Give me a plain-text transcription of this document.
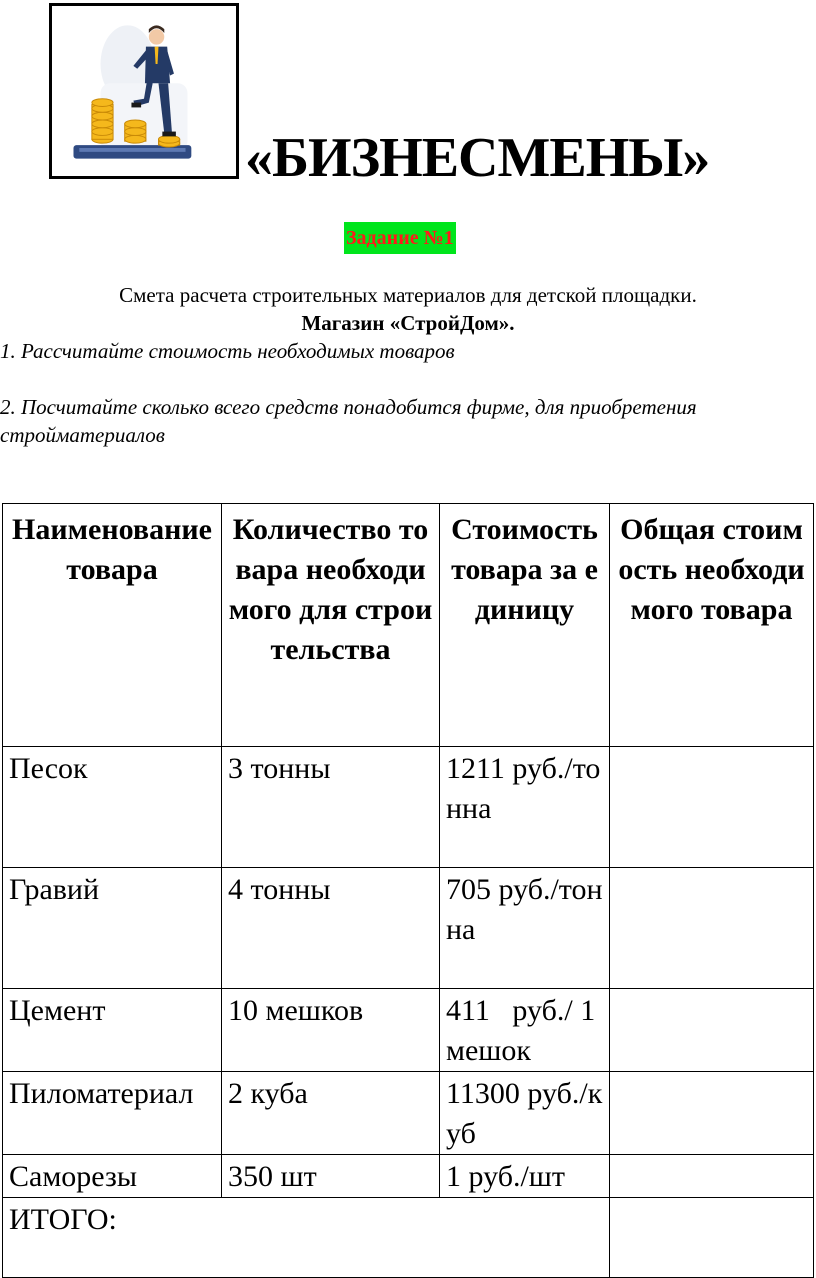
«БИЗНЕСМЕНЫ»
Задание №1
Смета расчета строительных материалов для детской площадки.
Магазин «СтройДом».
1. Рассчитайте стоимость необходимых товаров
2. Посчитайте сколько всего средств понадобится фирме, для приобретения стройматериалов
Наименование товара	Количество товара необходимого для строительства	Стоимость товара за единицу	Общая стоимость необходимого товара
Песок	3 тонны	1211 руб./тонна	
Гравий	4 тонны	705 руб./тонна	
Цемент	10 мешков	411   руб./ 1 мешок	
Пиломатериал	2 куба	11300 руб./куб	
Саморезы	350 шт	1 руб./шт	
ИТОГО:			
